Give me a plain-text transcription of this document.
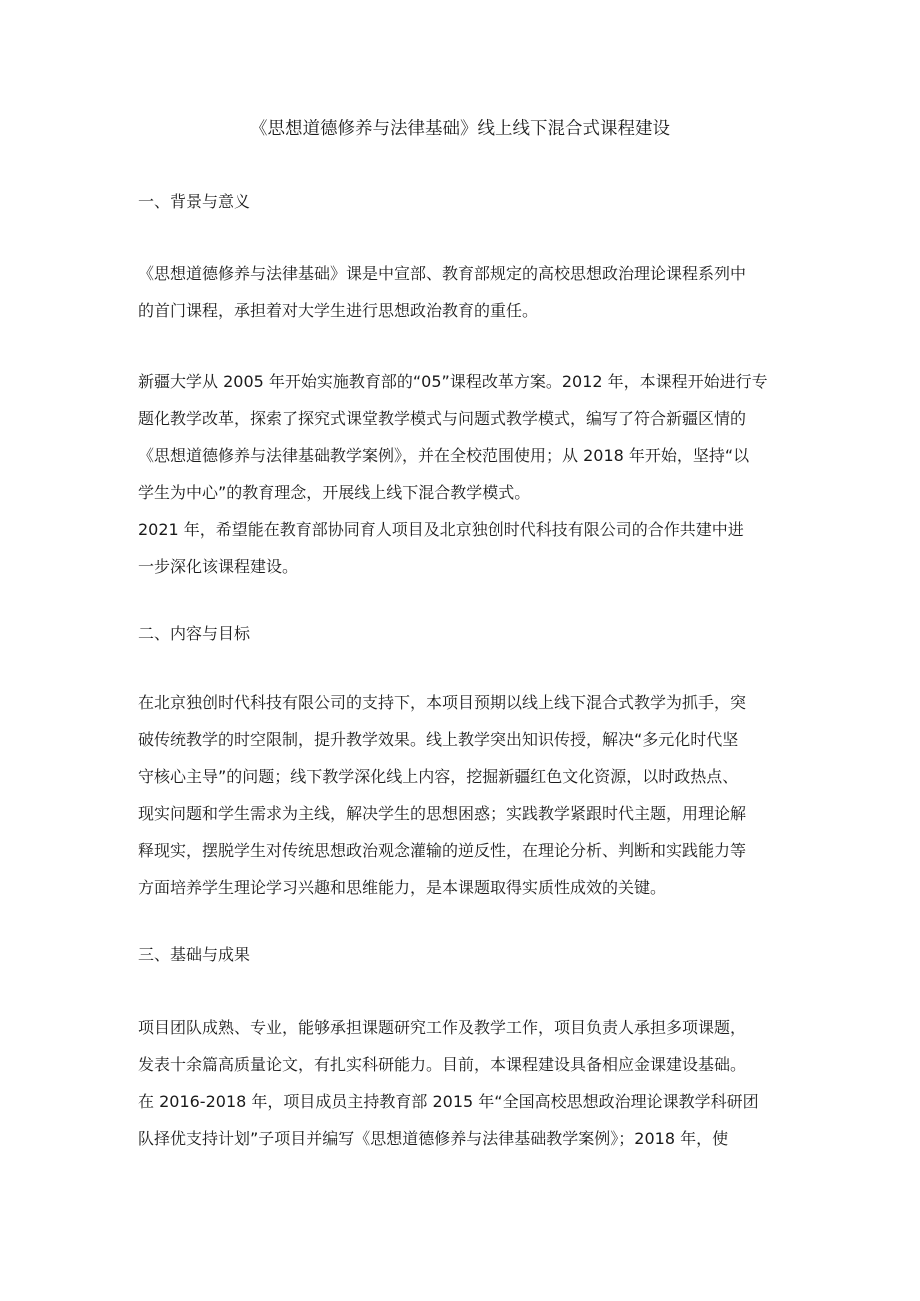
《思想道德修养与法律基础》线上线下混合式课程建设
一、背景与意义
《思想道德修养与法律基础》课是中宣部、教育部规定的高校思想政治理论课程系列中
的首门课程，承担着对大学生进行思想政治教育的重任。
新疆大学从 2005 年开始实施教育部的“05”课程改革方案。2012 年，本课程开始进行专
题化教学改革，探索了探究式课堂教学模式与问题式教学模式，编写了符合新疆区情的
《思想道德修养与法律基础教学案例》，并在全校范围使用；从 2018 年开始，坚持“以
学生为中心”的教育理念，开展线上线下混合教学模式。
2021 年，希望能在教育部协同育人项目及北京独创时代科技有限公司的合作共建中进
一步深化该课程建设。
二、内容与目标
在北京独创时代科技有限公司的支持下，本项目预期以线上线下混合式教学为抓手，突
破传统教学的时空限制，提升教学效果。线上教学突出知识传授，解决“多元化时代坚
守核心主导”的问题；线下教学深化线上内容，挖掘新疆红色文化资源，以时政热点、
现实问题和学生需求为主线，解决学生的思想困惑；实践教学紧跟时代主题，用理论解
释现实，摆脱学生对传统思想政治观念灌输的逆反性，在理论分析、判断和实践能力等
方面培养学生理论学习兴趣和思维能力，是本课题取得实质性成效的关键。
三、基础与成果
项目团队成熟、专业，能够承担课题研究工作及教学工作，项目负责人承担多项课题，
发表十余篇高质量论文，有扎实科研能力。目前，本课程建设具备相应金课建设基础。
在 2016-2018 年，项目成员主持教育部 2015 年“全国高校思想政治理论课教学科研团
队择优支持计划”子项目并编写《思想道德修养与法律基础教学案例》；2018 年，使
